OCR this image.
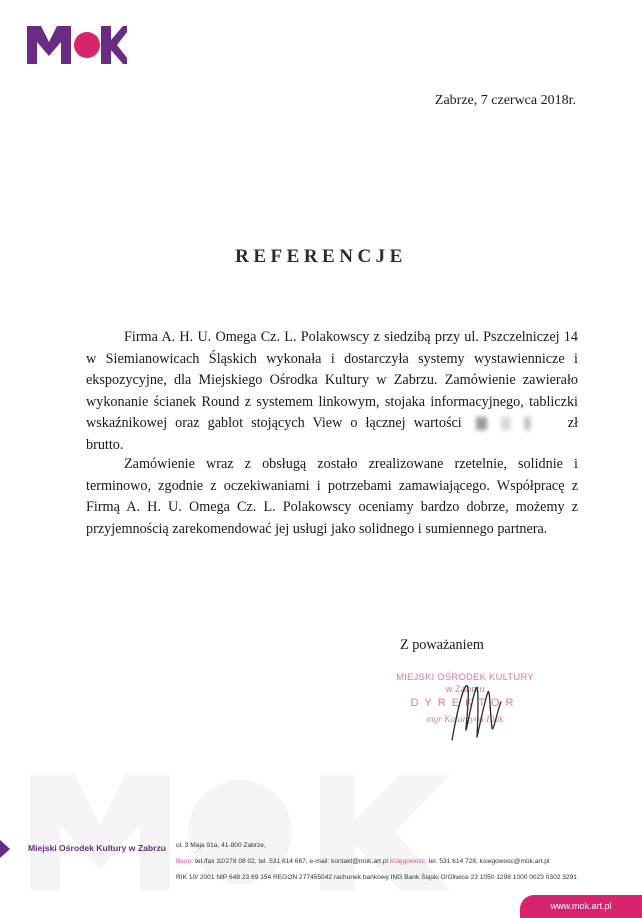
Zabrze, 7 czerwca 2018r.
REFERENCJE
Firma A. H. U. Omega Cz. L. Polakowscy z siedzibą przy ul. Pszczelniczej 14 w Siemianowicach Śląskich wykonała i dostarczyła systemy wystawiennicze i ekspozycyjne, dla Miejskiego Ośrodka Kultury w Zabrzu. Zamówienie zawierało wykonanie ścianek Round z systemem linkowym, stojaka informacyjnego, tabliczki wskaźnikowej oraz gablot stojących View o łącznej wartości	zł brutto.
Zamówienie wraz z obsługą zostało zrealizowane rzetelnie, solidnie i terminowo, zgodnie z oczekiwaniami i potrzebami zamawiającego. Współpracę z Firmą A. H. U. Omega Cz. L. Polakowscy oceniamy bardzo dobrze, możemy z przyjemnością zarekomendować jej usługi jako solidnego i sumiennego partnera.
Z poważaniem
MIEJSKI OŚRODEK KULTURY
w Zabrzu
DYREKTOR
mgr Katarzyna Flak
Miejski Ośrodek Kultury w Zabrzu ul. 3 Maja 91a, 41-800 Zabrze,
Biuro: tel./fax 32/278 08 02, tel. 531 614 667, e-mail: kontakt@mok.art.pl Księgowość: tel. 531 614 728, ksiegowosc@mok.art.pl
RIK 10/ 2001 NIP 648 23 69 154 REGON 277455042 rachunek bankowy ING Bank Śląski O/Gliwice 23 1050 1298 1000 0023 0302 3291
www.mok.art.pl
